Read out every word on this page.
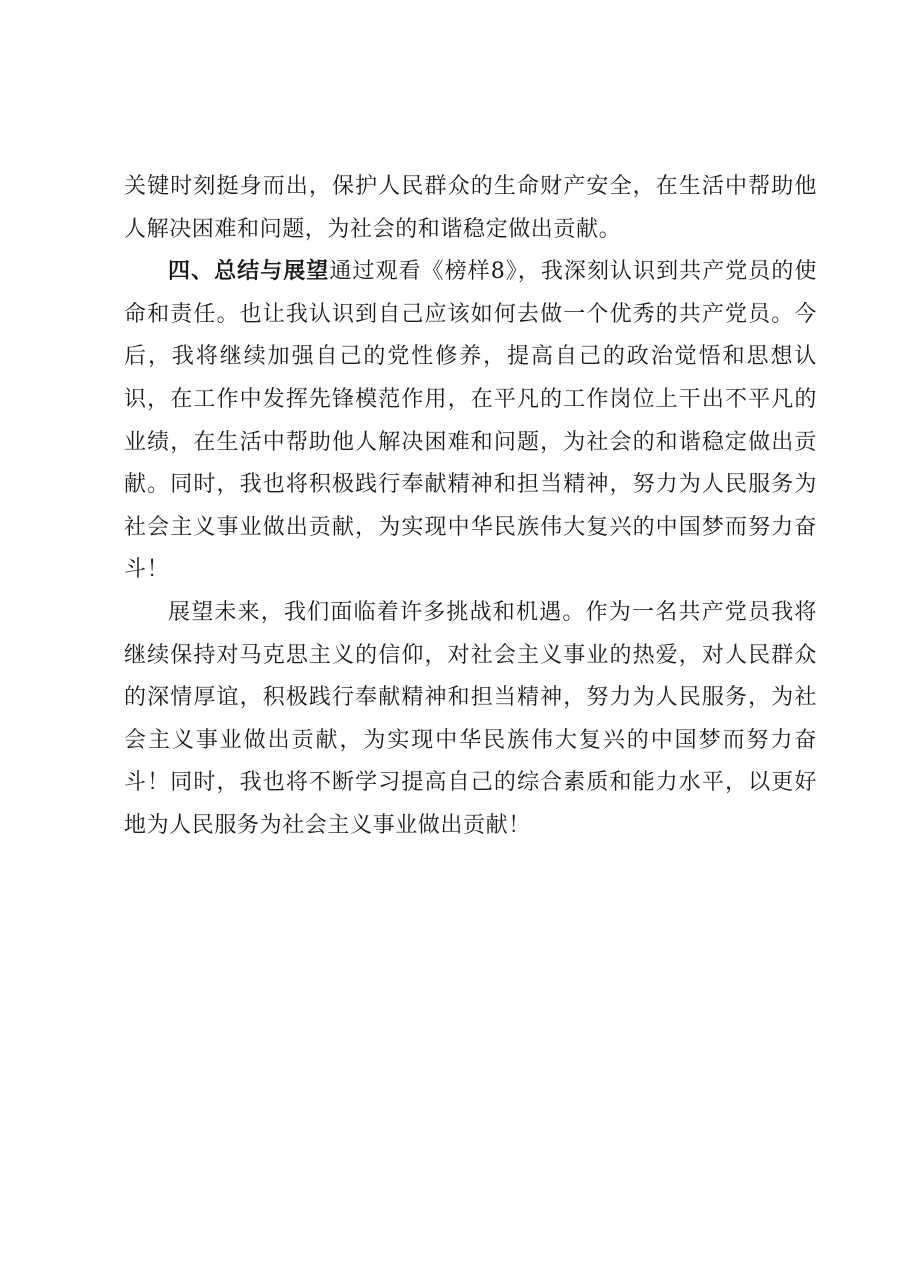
关键时刻挺身而出，保护人民群众的生命财产安全，在生活中帮助他人解决困难和问题，为社会的和谐稳定做出贡献。

四、总结与展望通过观看《榜样8》，我深刻认识到共产党员的使命和责任。也让我认识到自己应该如何去做一个优秀的共产党员。今后，我将继续加强自己的党性修养，提高自己的政治觉悟和思想认识，在工作中发挥先锋模范作用，在平凡的工作岗位上干出不平凡的业绩，在生活中帮助他人解决困难和问题，为社会的和谐稳定做出贡献。同时，我也将积极践行奉献精神和担当精神，努力为人民服务为社会主义事业做出贡献，为实现中华民族伟大复兴的中国梦而努力奋斗！

展望未来，我们面临着许多挑战和机遇。作为一名共产党员我将继续保持对马克思主义的信仰，对社会主义事业的热爱，对人民群众的深情厚谊，积极践行奉献精神和担当精神，努力为人民服务，为社会主义事业做出贡献，为实现中华民族伟大复兴的中国梦而努力奋斗！同时，我也将不断学习提高自己的综合素质和能力水平，以更好地为人民服务为社会主义事业做出贡献！
